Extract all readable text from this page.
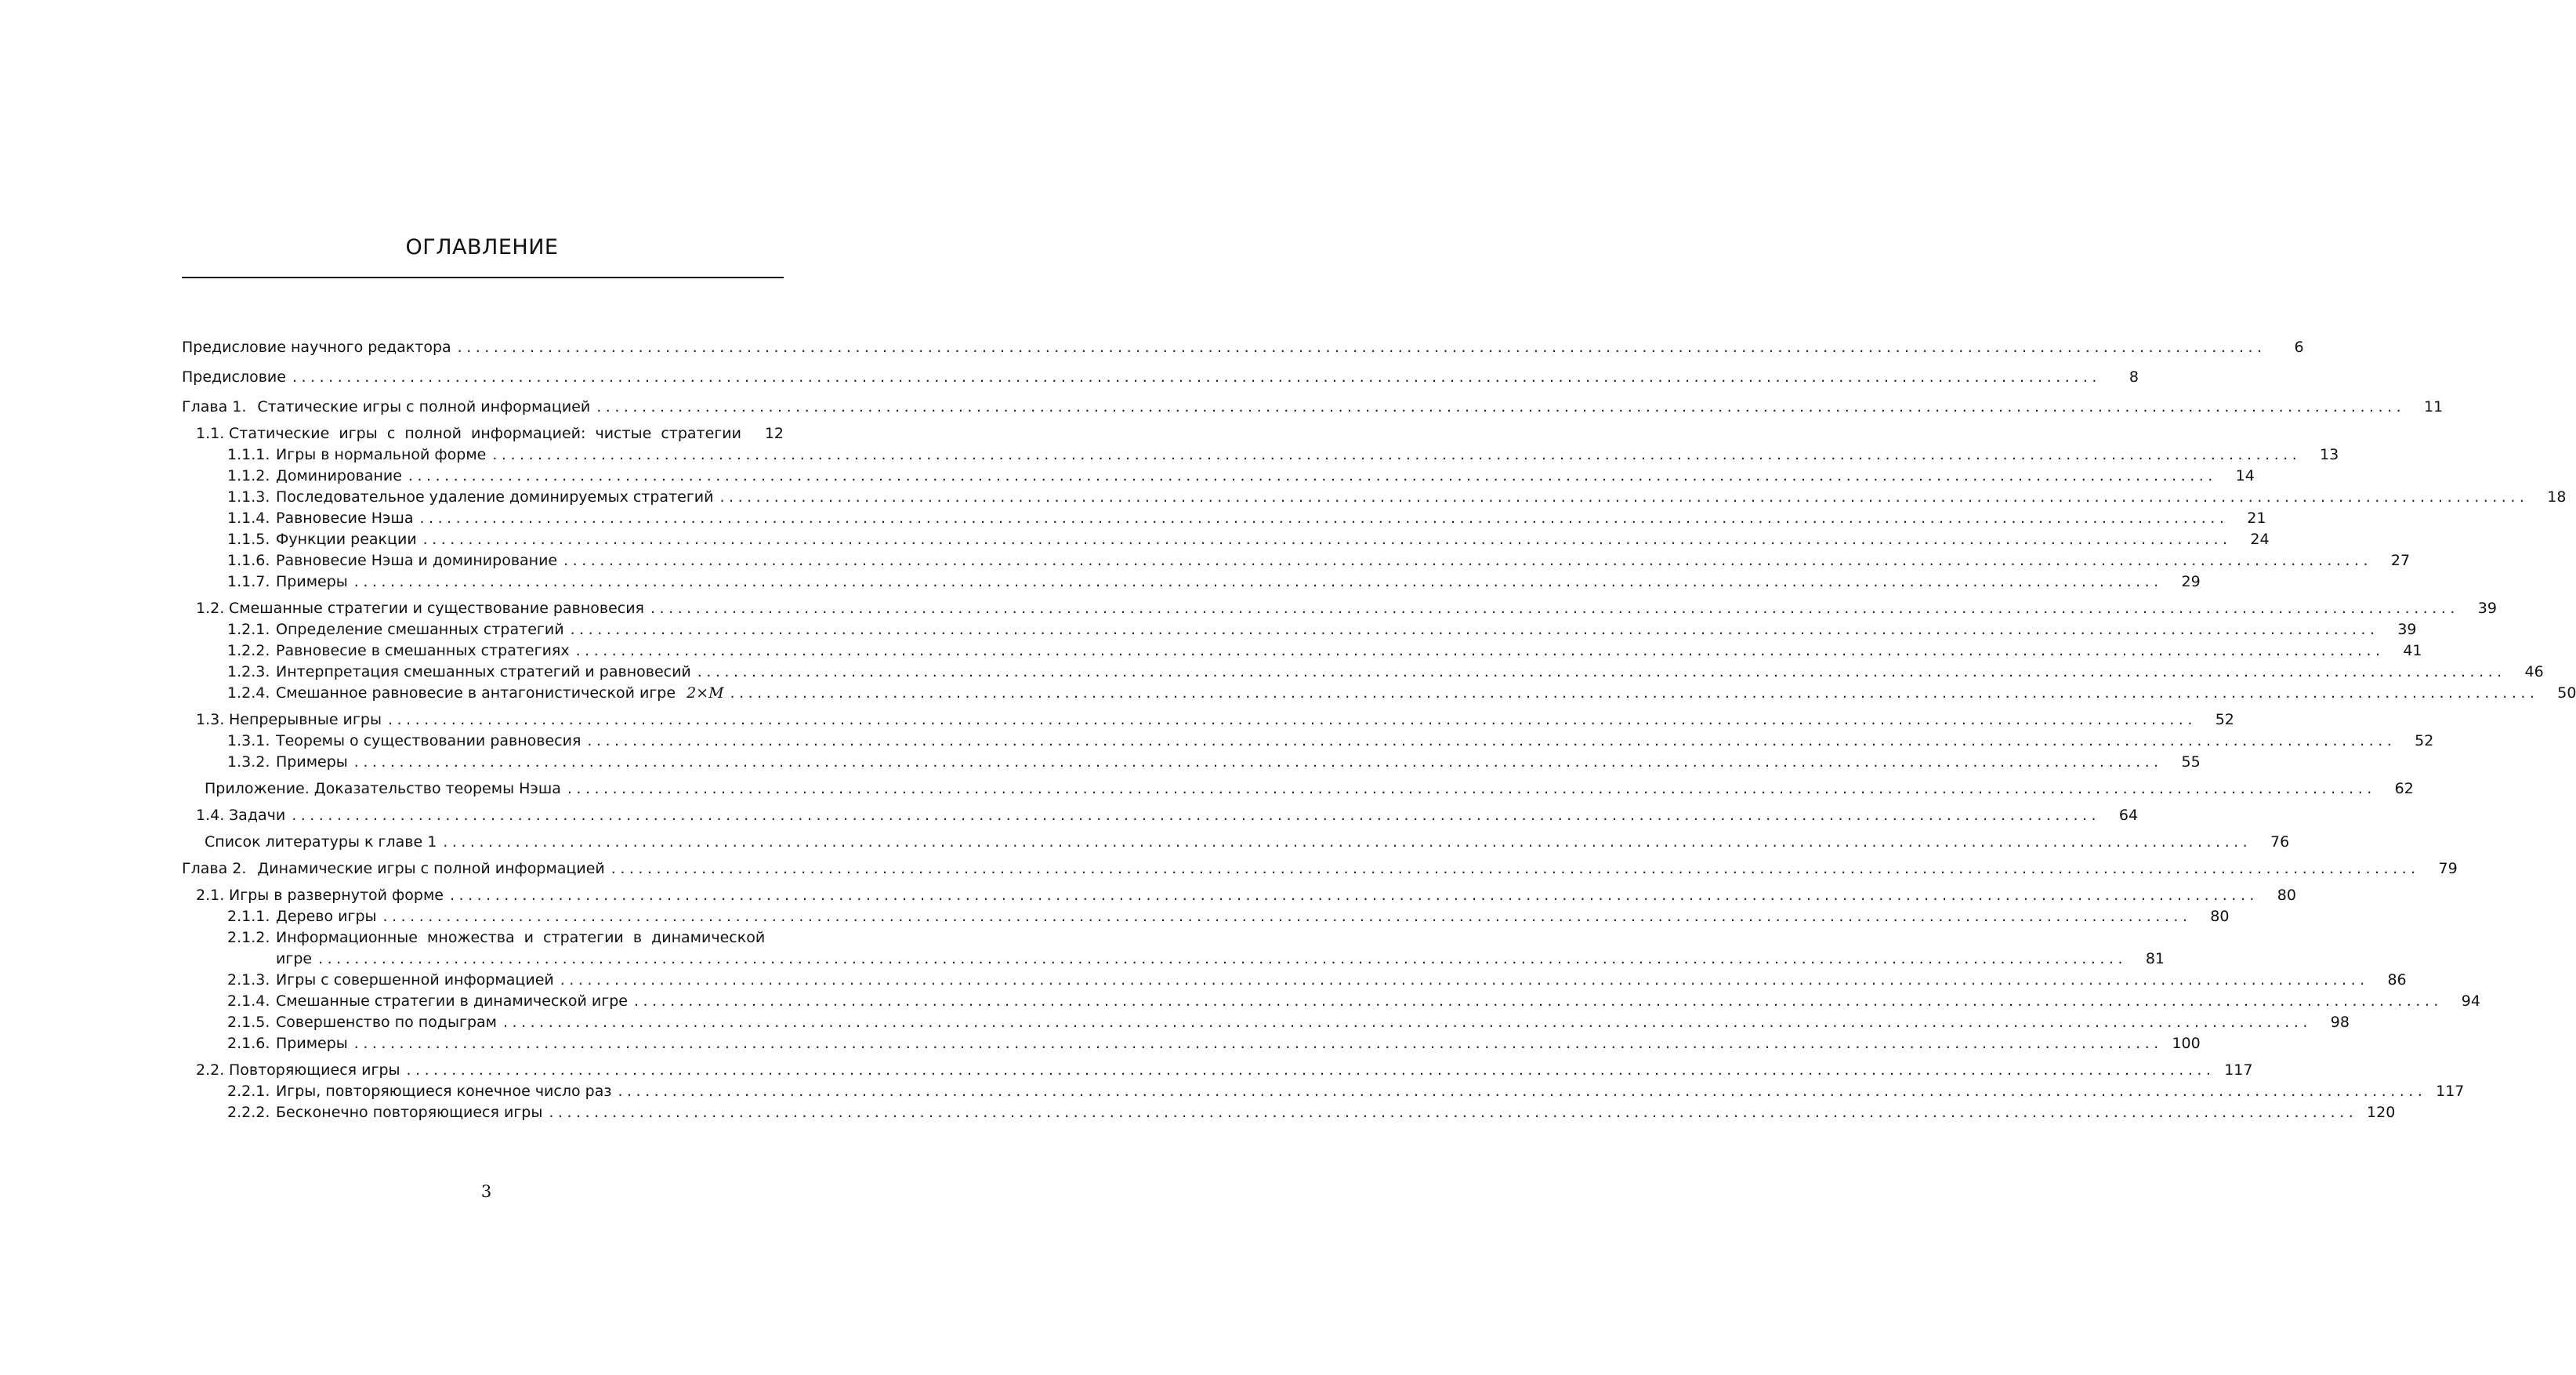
ОГЛАВЛЕНИЕ
Предисловие научного редактора ........................................................................................................................................................................................................	6
Предисловие ........................................................................................................................................................................................................	8
Глава 1. Статические игры с полной информацией ........................................................................................................................................................................................................	11
1.1. Статические  игры  с  полной  информацией:  чистые  стратегии	12
1.1.1. Игры в нормальной форме ........................................................................................................................................................................................................	13
1.1.2. Доминирование ........................................................................................................................................................................................................	14
1.1.3. Последовательное удаление доминируемых стратегий ........................................................................................................................................................................................................	18
1.1.4. Равновесие Нэша ........................................................................................................................................................................................................	21
1.1.5. Функции реакции ........................................................................................................................................................................................................	24
1.1.6. Равновесие Нэша и доминирование ........................................................................................................................................................................................................	27
1.1.7. Примеры ........................................................................................................................................................................................................	29
1.2. Смешанные стратегии и существование равновесия ........................................................................................................................................................................................................	39
1.2.1. Определение смешанных стратегий ........................................................................................................................................................................................................	39
1.2.2. Равновесие в смешанных стратегиях ........................................................................................................................................................................................................	41
1.2.3. Интерпретация смешанных стратегий и равновесий ........................................................................................................................................................................................................	46
1.2.4. Смешанное равновесие в антагонистической игре 2×M ........................................................................................................................................................................................................	50
1.3. Непрерывные игры ........................................................................................................................................................................................................	52
1.3.1. Теоремы о существовании равновесия ........................................................................................................................................................................................................	52
1.3.2. Примеры ........................................................................................................................................................................................................	55
Приложение. Доказательство теоремы Нэша ........................................................................................................................................................................................................	62
1.4. Задачи ........................................................................................................................................................................................................	64
Список литературы к главе 1 ........................................................................................................................................................................................................	76
Глава 2. Динамические игры с полной информацией ........................................................................................................................................................................................................	79
2.1. Игры в развернутой форме ........................................................................................................................................................................................................	80
2.1.1. Дерево игры ........................................................................................................................................................................................................	80
2.1.2. Информационные  множества  и  стратегии  в  динамической
игре ........................................................................................................................................................................................................	81
2.1.3. Игры с совершенной информацией ........................................................................................................................................................................................................	86
2.1.4. Смешанные стратегии в динамической игре ........................................................................................................................................................................................................	94
2.1.5. Совершенство по подыграм ........................................................................................................................................................................................................	98
2.1.6. Примеры ........................................................................................................................................................................................................ 100
2.2. Повторяющиеся игры ........................................................................................................................................................................................................ 117
2.2.1. Игры, повторяющиеся конечное число раз ........................................................................................................................................................................................................ 117
2.2.2. Бесконечно повторяющиеся игры ........................................................................................................................................................................................................ 120
3
